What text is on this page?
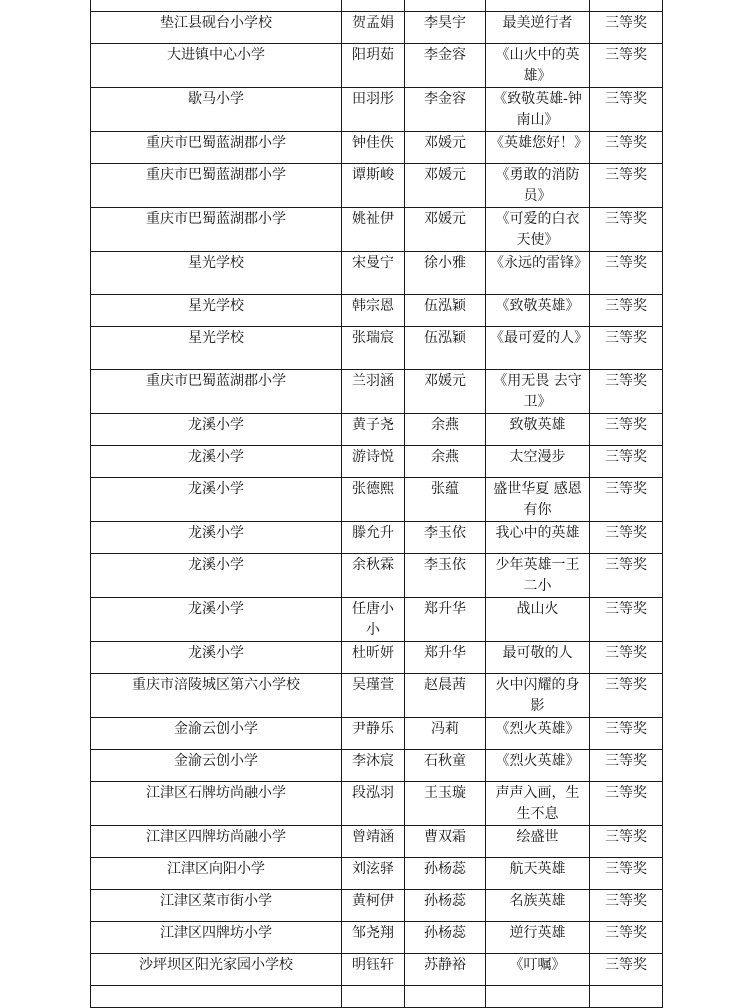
垫江县砚台小学校	贺孟娟	李昊宇	最美逆行者	三等奖
大进镇中心小学	阳玥茹	李金容	《山火中的英雄》	三等奖
歇马小学	田羽彤	李金容	《致敬英雄-钟南山》	三等奖
重庆市巴蜀蓝湖郡小学	钟佳佚	邓媛元	《英雄您好！》	三等奖
重庆市巴蜀蓝湖郡小学	谭斯峻	邓媛元	《勇敢的消防员》	三等奖
重庆市巴蜀蓝湖郡小学	姚祉伊	邓媛元	《可爱的白衣天使》	三等奖
星光学校	宋曼宁	徐小雅	《永远的雷锋》	三等奖
星光学校	韩宗恩	伍泓颖	《致敬英雄》	三等奖
星光学校	张瑞宸	伍泓颖	《最可爱的人》	三等奖
重庆市巴蜀蓝湖郡小学	兰羽涵	邓媛元	《用无畏 去守卫》	三等奖
龙溪小学	黄子尧	余燕	致敬英雄	三等奖
龙溪小学	游诗悦	余燕	太空漫步	三等奖
龙溪小学	张德熙	张蕴	盛世华夏 感恩有你	三等奖
龙溪小学	滕允升	李玉依	我心中的英雄	三等奖
龙溪小学	余秋霖	李玉依	少年英雄一王二小	三等奖
龙溪小学	任唐小小	郑升华	战山火	三等奖
龙溪小学	杜昕妍	郑升华	最可敬的人	三等奖
重庆市涪陵城区第六小学校	吴瑾萱	赵晨茜	火中闪耀的身影	三等奖
金渝云创小学	尹静乐	冯莉	《烈火英雄》	三等奖
金渝云创小学	李沐宸	石秋童	《烈火英雄》	三等奖
江津区石牌坊尚融小学	段泓羽	王玉璇	声声入画，生生不息	三等奖
江津区四牌坊尚融小学	曾靖涵	曹双霜	绘盛世	三等奖
江津区向阳小学	刘泫驿	孙杨蕊	航天英雄	三等奖
江津区菜市街小学	黄柯伊	孙杨蕊	名族英雄	三等奖
江津区四牌坊小学	邹尧翔	孙杨蕊	逆行英雄	三等奖
沙坪坝区阳光家园小学校	明钰轩	苏静裕	《叮嘱》	三等奖
